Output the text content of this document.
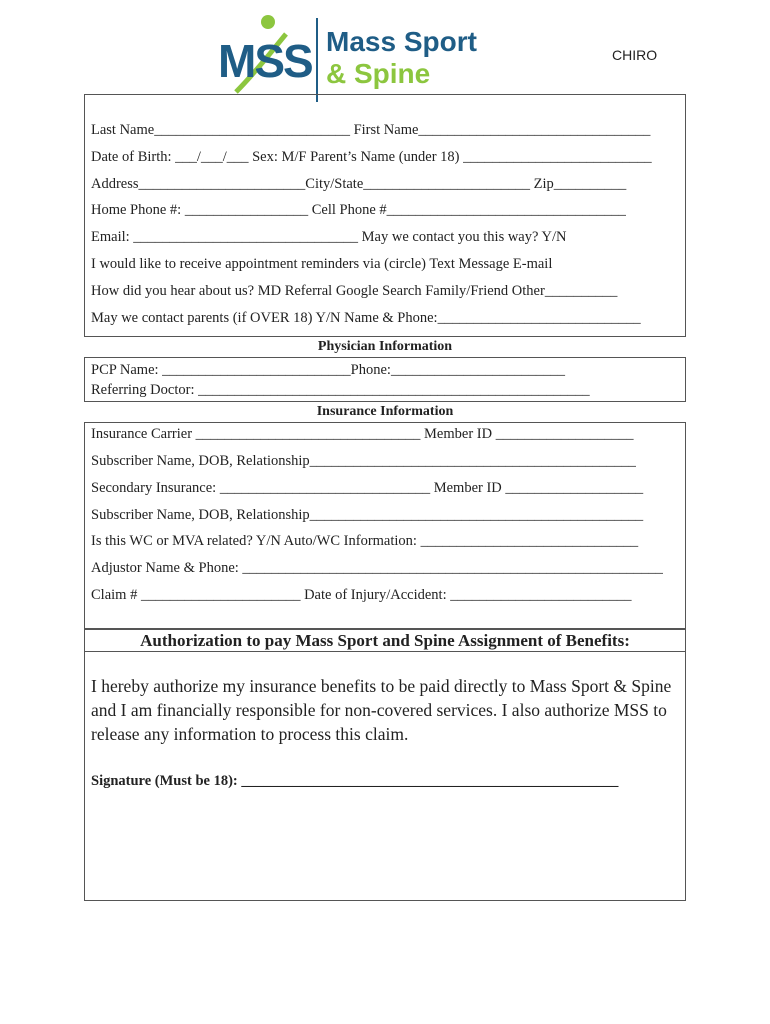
MSS Mass Sport
& Spine
CHIRO
Last Name___________________________ First Name________________________________
Date of Birth: ___/___/___ Sex: M/F Parent’s Name (under 18) __________________________
Address_______________________City/State_______________________ Zip__________
Home Phone #: _________________ Cell Phone #_________________________________
Email: _______________________________ May we contact you this way? Y/N
I would like to receive appointment reminders via (circle) Text Message E-mail
How did you hear about us? MD Referral Google Search Family/Friend Other__________
May we contact parents (if OVER 18) Y/N Name & Phone:____________________________
Physician Information
PCP Name: __________________________Phone:________________________
Referring Doctor: ______________________________________________________
Insurance Information
Insurance Carrier _______________________________ Member ID ___________________
Subscriber Name, DOB, Relationship_____________________________________________
Secondary Insurance: _____________________________ Member ID ___________________
Subscriber Name, DOB, Relationship______________________________________________
Is this WC or MVA related? Y/N Auto/WC Information: ______________________________
Adjustor Name & Phone: __________________________________________________________
Claim # ______________________ Date of Injury/Accident: _________________________
Authorization to pay Mass Sport and Spine Assignment of Benefits:
I hereby authorize my insurance benefits to be paid directly to Mass Sport & Spine
and I am financially responsible for non-covered services. I also authorize MSS to
release any information to process this claim.
Signature (Must be 18): ____________________________________________________
